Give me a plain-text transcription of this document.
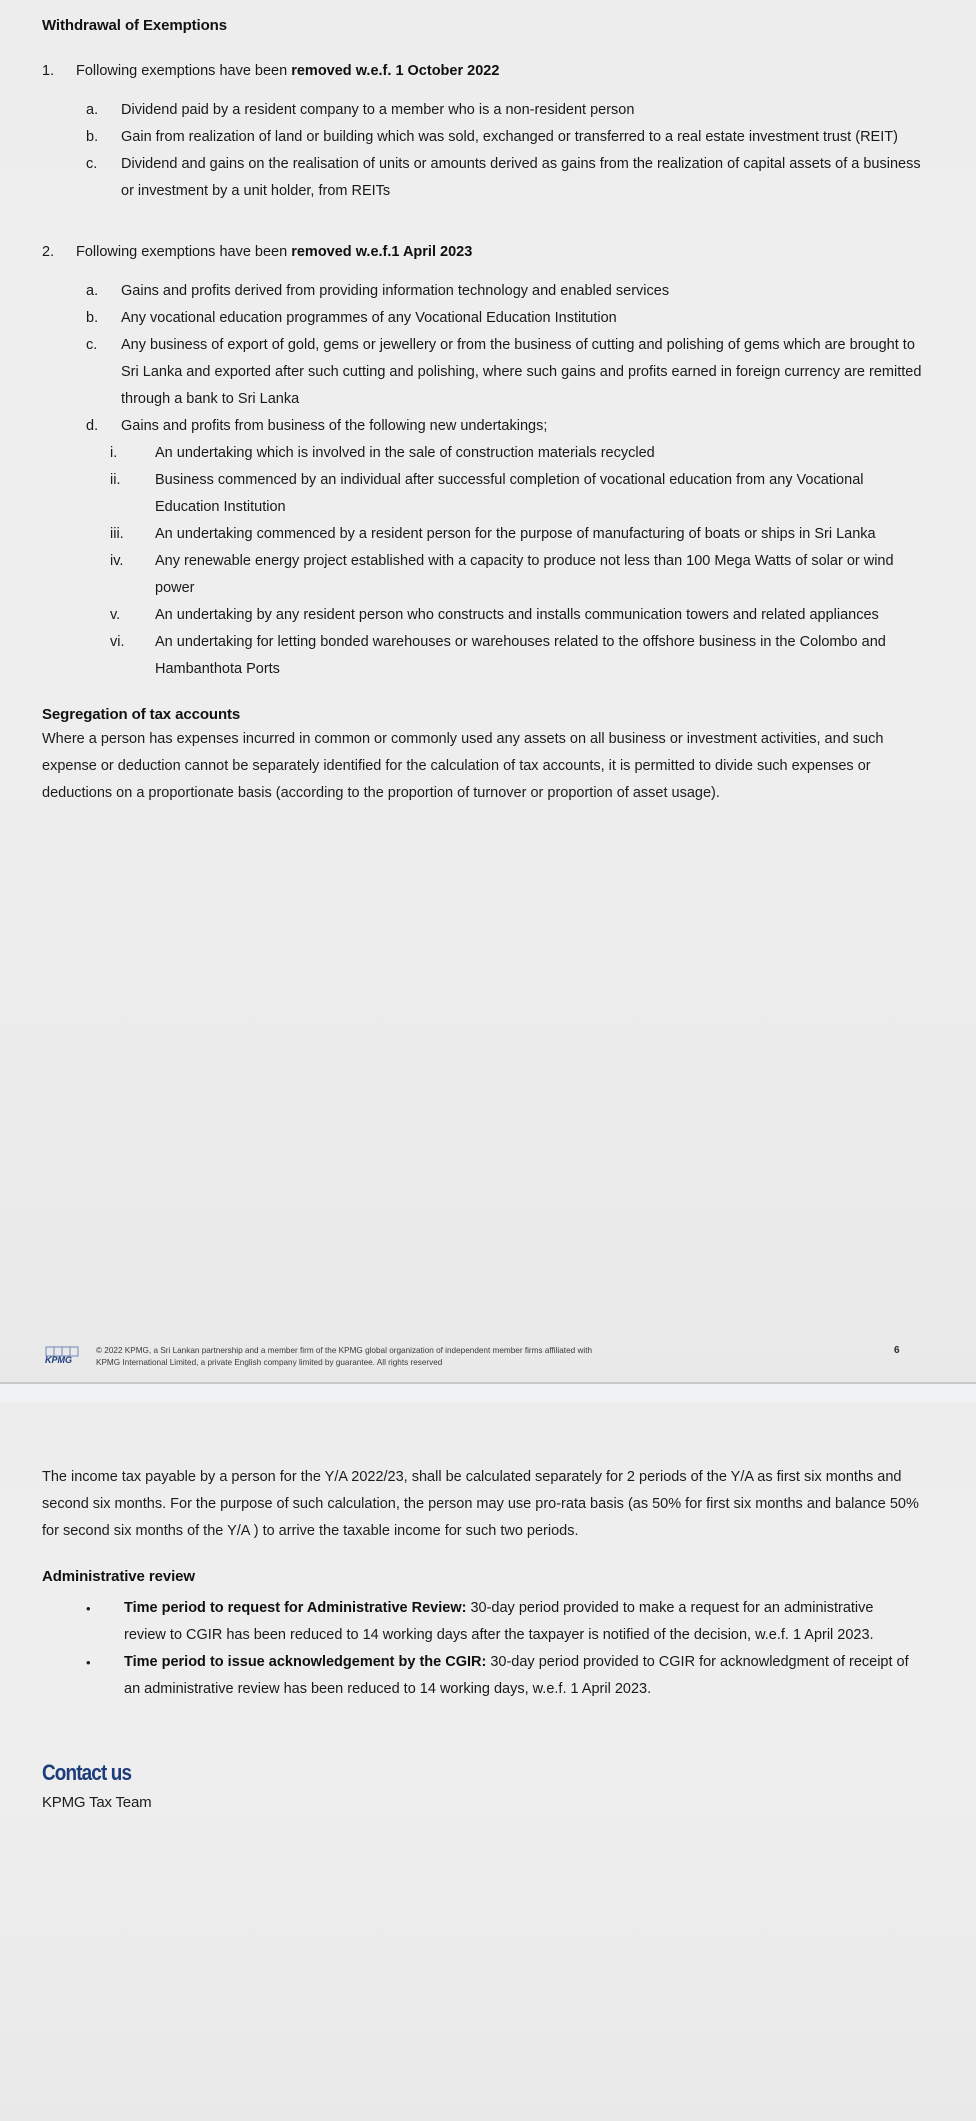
Withdrawal of Exemptions
1.	Following exemptions have been removed w.e.f. 1 October 2022
a.	Dividend paid by a resident company to a member who is a non-resident person
b.	Gain from realization of land or building which was sold, exchanged or transferred to a real estate investment trust (REIT)
c.	Dividend and gains on the realisation of units or amounts derived as gains from the realization of capital assets of a business or investment by a unit holder, from REITs
2.	Following exemptions have been removed w.e.f.1 April 2023
a.	Gains and profits derived from providing information technology and enabled services
b.	Any vocational education programmes of any Vocational Education Institution
c.	Any business of export of gold, gems or jewellery or from the business of cutting and polishing of gems which are brought to Sri Lanka and exported after such cutting and polishing, where such gains and profits earned in foreign currency are remitted through a bank to Sri Lanka
d.	Gains and profits from business of the following new undertakings;
i.	An undertaking which is involved in the sale of construction materials recycled
ii.	Business commenced by an individual after successful completion of vocational education from any Vocational Education Institution
iii.	An undertaking commenced by a resident person for the purpose of manufacturing of boats or ships in Sri Lanka
iv.	Any renewable energy project established with a capacity to produce not less than 100 Mega Watts of solar or wind power
v.	An undertaking by any resident person who constructs and installs communication towers and related appliances
vi.	An undertaking for letting bonded warehouses or warehouses related to the offshore business in the Colombo and Hambanthota Ports
Segregation of tax accounts
Where a person has expenses incurred in common or commonly used any assets on all business or investment activities, and such expense or deduction cannot be separately identified for the calculation of tax accounts, it is permitted to divide such expenses or deductions on a proportionate basis (according to the proportion of turnover or proportion of asset usage).
KPMG
© 2022 KPMG, a Sri Lankan partnership and a member firm of the KPMG global organization of independent member firms affiliated with
KPMG International Limited, a private English company limited by guarantee. All rights reserved
6
The income tax payable by a person for the Y/A 2022/23, shall be calculated separately for 2 periods of the Y/A as first six months and second six months. For the purpose of such calculation, the person may use pro-rata basis (as 50% for first six months and balance 50% for second six months of the Y/A ) to arrive the taxable income for such two periods.
Administrative review
•	Time period to request for Administrative Review: 30-day period provided to make a request for an administrative review to CGIR has been reduced to 14 working days after the taxpayer is notified of the decision, w.e.f. 1 April 2023.
•	Time period to issue acknowledgement by the CGIR: 30-day period provided to CGIR for acknowledgment of receipt of an administrative review has been reduced to 14 working days, w.e.f. 1 April 2023.
Contact us
KPMG Tax Team
